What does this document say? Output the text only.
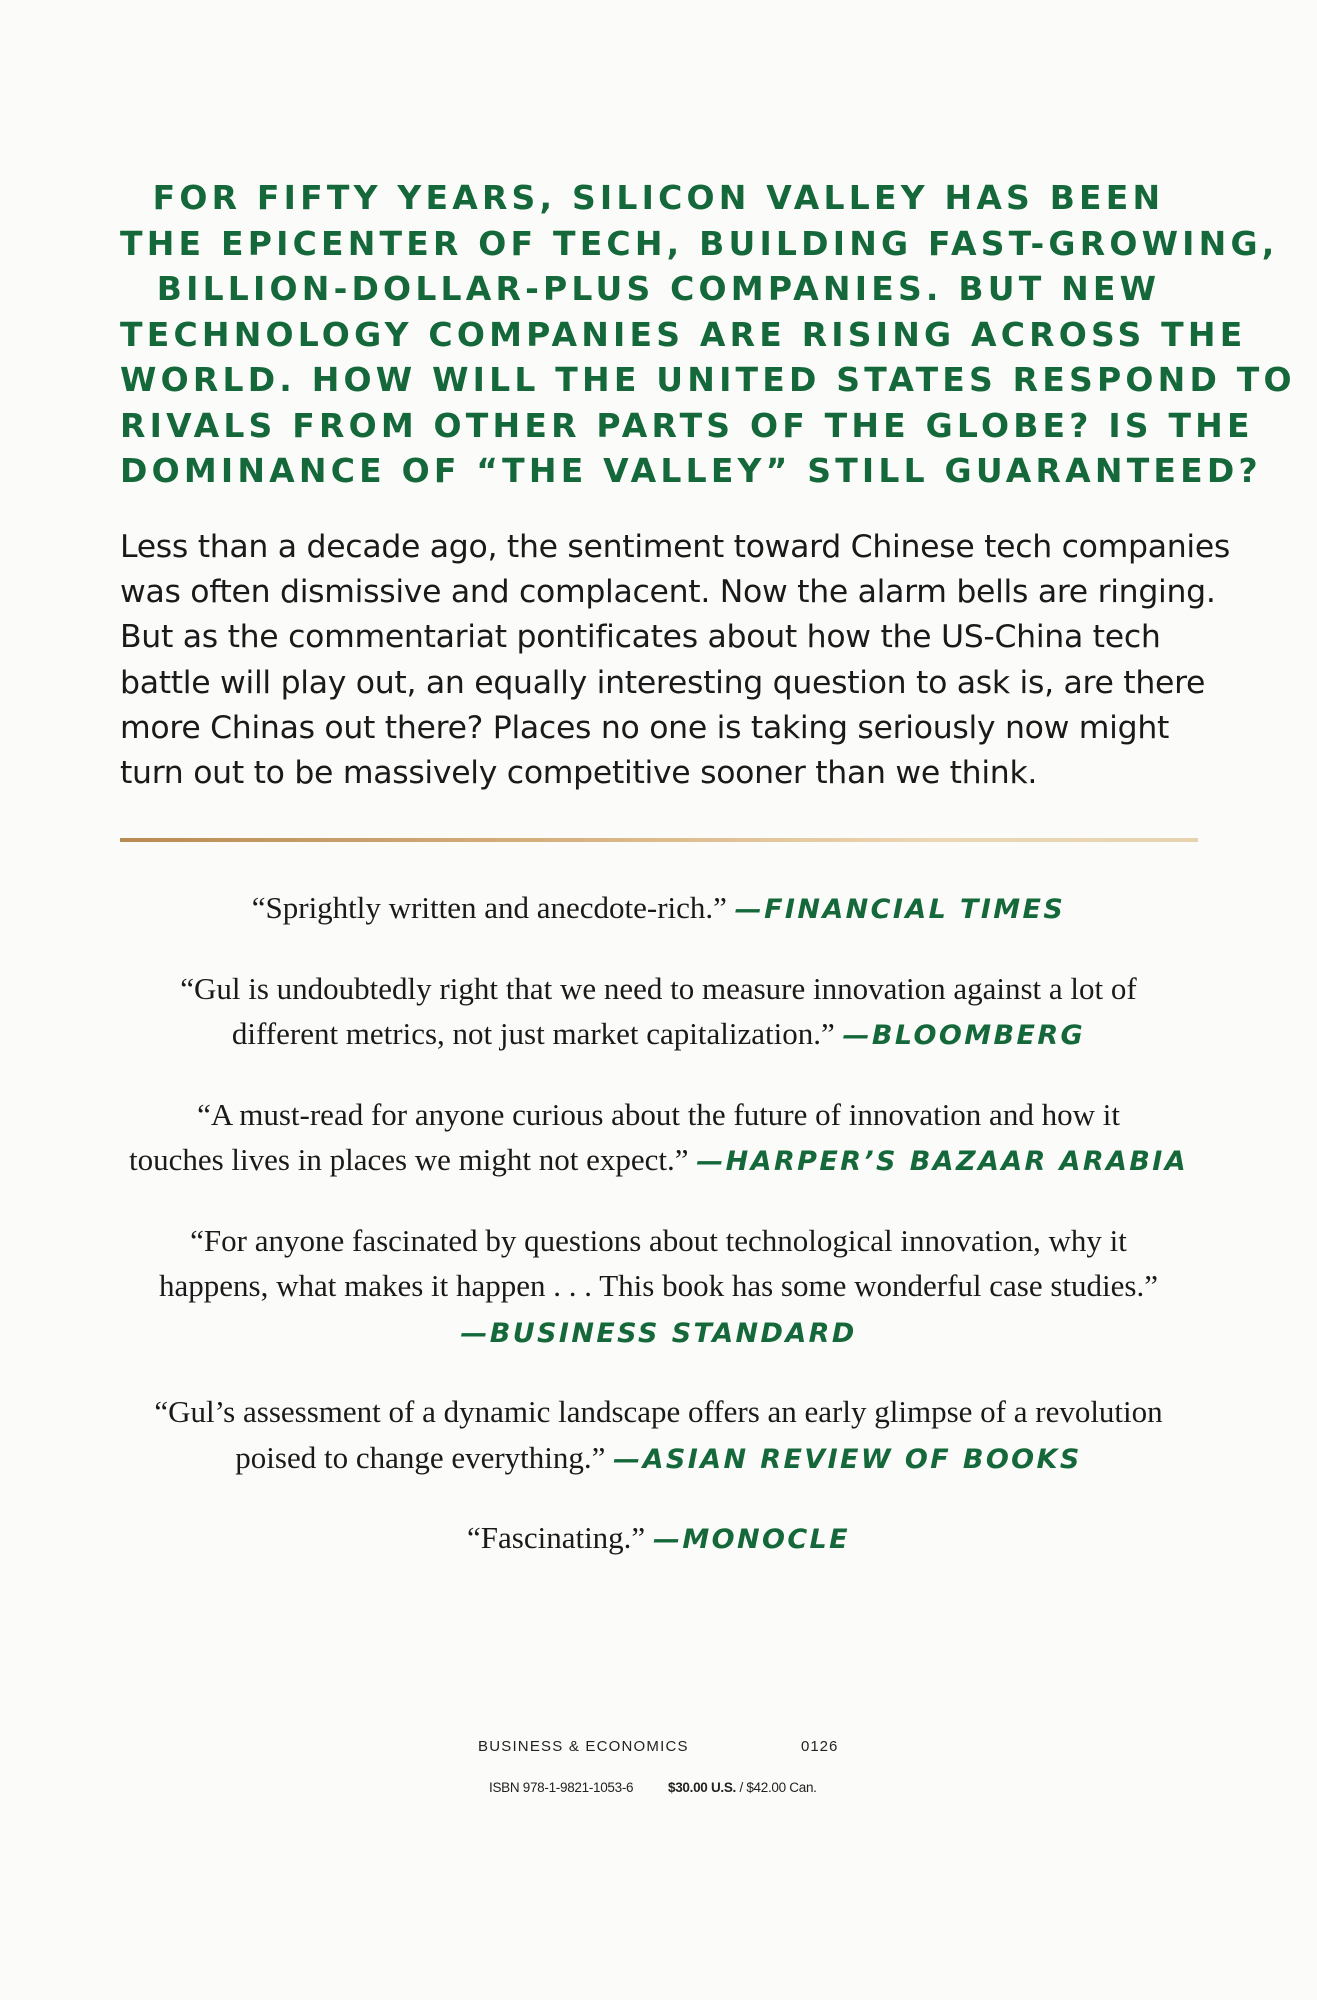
FOR FIFTY YEARS, SILICON VALLEY HAS BEEN
THE EPICENTER OF TECH, BUILDING FAST-GROWING,
BILLION-DOLLAR-PLUS COMPANIES. BUT NEW
TECHNOLOGY COMPANIES ARE RISING ACROSS THE
WORLD. HOW WILL THE UNITED STATES RESPOND TO
RIVALS FROM OTHER PARTS OF THE GLOBE? IS THE
DOMINANCE OF “THE VALLEY” STILL GUARANTEED?
Less than a decade ago, the sentiment toward Chinese tech companies
was often dismissive and complacent. Now the alarm bells are ringing.
But as the commentariat pontificates about how the US-China tech
battle will play out, an equally interesting question to ask is, are there
more Chinas out there? Places no one is taking seriously now might
turn out to be massively competitive sooner than we think.
“Sprightly written and anecdote-rich.” —FINANCIAL TIMES
“Gul is undoubtedly right that we need to measure innovation against a lot of
different metrics, not just market capitalization.” —BLOOMBERG
“A must-read for anyone curious about the future of innovation and how it
touches lives in places we might not expect.” —HARPER’S BAZAAR ARABIA
“For anyone fascinated by questions about technological innovation, why it
happens, what makes it happen . . . This book has some wonderful case studies.”
—BUSINESS STANDARD
“Gul’s assessment of a dynamic landscape offers an early glimpse of a revolution
poised to change everything.” —ASIAN REVIEW OF BOOKS
“Fascinating.” —MONOCLE
BUSINESS & ECONOMICS	0126
ISBN 978-1-9821-1053-6	$30.00 U.S. / $42.00 Can.
